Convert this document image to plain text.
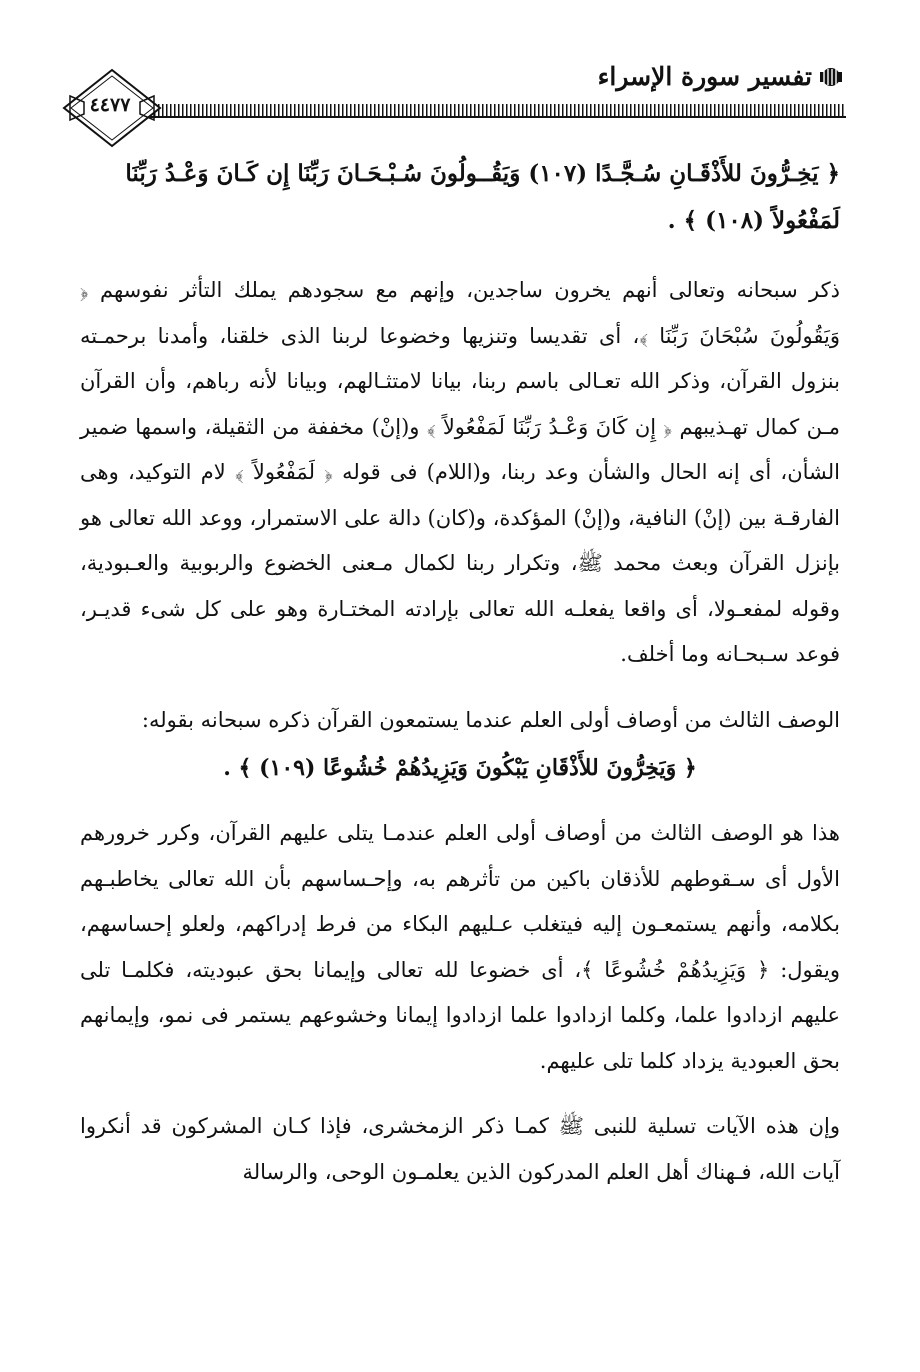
تفسير سورة الإسراء
٤٤٧٧
﴿ يَخِـرُّونَ للأَذْقَـانِ سُـجَّـدًا (١٠٧) وَيَقُــولُونَ سُـبْـحَـانَ رَبِّنَا إِن كَـانَ وَعْـدُ رَبِّنَا
لَمَفْعُولاً (١٠٨) ﴾ .

ذكر سبحانه وتعالى أنهم يخرون ساجدين، وإنهم مع سجودهم يملك التأثر نفوسهم ﴿ وَيَقُولُونَ سُبْحَانَ رَبِّنَا ﴾، أى تقديسا وتنزيها وخضوعا لربنا الذى خلقنا، وأمدنا برحمـته بنزول القرآن، وذكر الله تعـالى باسم ربنا، بيانا لامتثـالهم، وبيانا لأنه رباهم، وأن القرآن مـن كمال تهـذيبهم ﴿ إِن كَانَ وَعْـدُ رَبِّنَا لَمَفْعُولاً ﴾ و(إنْ) مخففة من الثقيلة، واسمها ضمير الشأن، أى إنه الحال والشأن وعد ربنا، و(اللام) فى قوله ﴿ لَمَفْعُولاً ﴾ لام التوكيد، وهى الفارقـة بين (إنْ) النافية، و(إنْ) المؤكدة، و(كان) دالة على الاستمرار، ووعد الله تعالى هو بإنزل القرآن وبعث محمد ﷺ، وتكرار ربنا لكمال مـعنى الخضوع والربوبية والعـبودية، وقوله لمفعـولا، أى واقعا يفعلـه الله تعالى بإرادته المختـارة وهو على كل شىء قديـر، فوعد سـبحـانه وما أخلف.

الوصف الثالث من أوصاف أولى العلم عندما يستمعون القرآن ذكره سبحانه بقوله:

﴿ وَيَخِرُّونَ للأَذْقَانِ يَبْكُونَ وَيَزِيدُهُمْ خُشُوعًا (١٠٩) ﴾ .

هذا هو الوصف الثالث من أوصاف أولى العلم عندمـا يتلى عليهم القرآن، وكرر خرورهم الأول أى سـقوطهم للأذقان باكين من تأثرهم به، وإحـساسهم بأن الله تعالى يخاطبـهم بكلامه، وأنهم يستمعـون إليه فيتغلب عـليهم البكاء من فرط إدراكهم، ولعلو إحساسهم، ويقول: ﴿ وَيَزِيدُهُمْ خُشُوعًا ﴾، أى خضوعا لله تعالى وإيمانا بحق عبوديته، فكلمـا تلى عليهم ازدادوا علما، وكلما ازدادوا علما ازدادوا إيمانا وخشوعهم يستمر فى نمو، وإيمانهم بحق العبودية يزداد كلما تلى عليهم.

وإن هذه الآيات تسلية للنبى ﷺ كمـا ذكر الزمخشرى، فإذا كـان المشركون قد أنكروا آيات الله، فـهناك أهل العلم المدركون الذين يعلمـون الوحى، والرسالة
